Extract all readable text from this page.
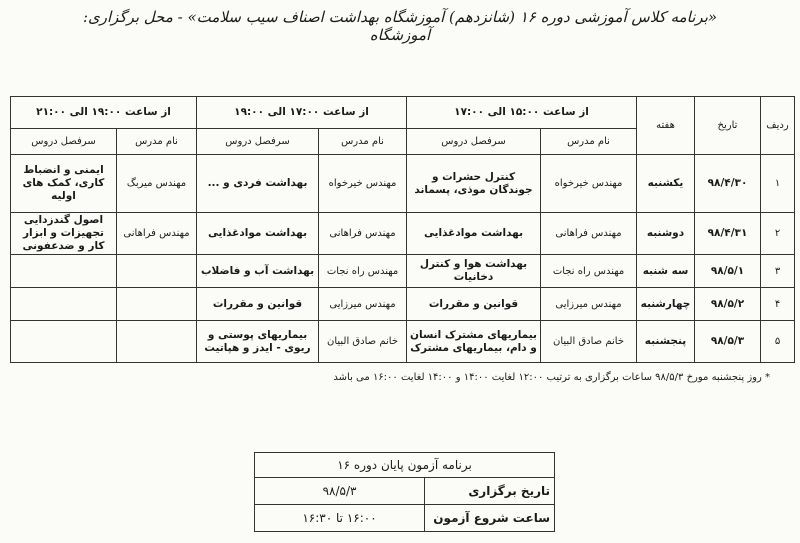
«برنامه کلاس آموزشی دوره ۱۶ (شانزدهم) آموزشگاه بهداشت اصناف سیب سلامت» - محل برگزاری: آموزشگاه
ردیف	تاریخ	هفته	از ساعت ۱۵:۰۰ الی ۱۷:۰۰		از ساعت ۱۷:۰۰ الی ۱۹:۰۰		از ساعت ۱۹:۰۰ الی ۲۱:۰۰	
			نام مدرس	سرفصل دروس	نام مدرس	سرفصل دروس	نام مدرس	سرفصل دروس
۱	۹۸/۴/۳۰	یکشنبه	مهندس خیرخواه	کنترل حشرات و جوندگان موذی، پسماند	مهندس خیرخواه	بهداشت فردی و ...	مهندس میربگ	ایمنی و انضباط کاری، کمک های اولیه
۲	۹۸/۴/۳۱	دوشنبه	مهندس فراهانی	بهداشت موادغذایی	مهندس فراهانی	بهداشت موادغذایی	مهندس فراهانی	اصول گندزدایی تجهیزات و ابزار کار و ضدعفونی
۳	۹۸/۵/۱	سه شنبه	مهندس راه نجات	بهداشت هوا و کنترل دخانیات	مهندس راه نجات	بهداشت آب و فاضلاب		
۴	۹۸/۵/۲	چهارشنبه	مهندس میرزایی	قوانین و مقررات	مهندس میرزایی	قوانین و مقررات		
۵	۹۸/۵/۳	پنجشنبه	خانم صادق البیان	بیماریهای مشترک انسان و دام، بیماریهای مشترک	خانم صادق البیان	بیماریهای پوستی و ریوی - ایدز و هپاتیت		
* روز پنجشنبه مورخ ۹۸/۵/۳ ساعات برگزاری به ترتیب ۱۲:۰۰ لغایت ۱۴:۰۰ و ۱۴:۰۰ لغایت ۱۶:۰۰ می باشد
برنامه آزمون پایان دوره ۱۶	
تاریخ برگزاری	۹۸/۵/۳
ساعت شروع آزمون	۱۶:۰۰ تا ۱۶:۳۰
